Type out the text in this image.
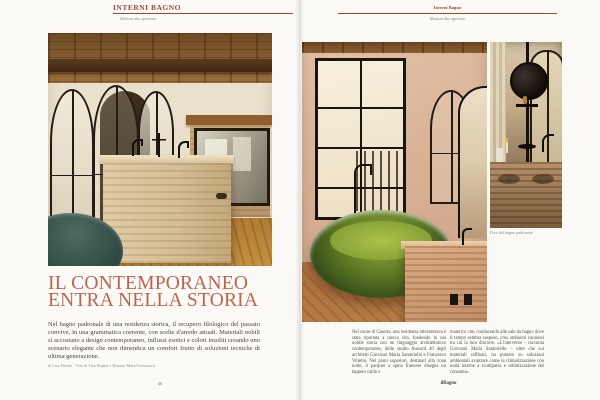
INTERNI BAGNO
Maison des aperture
Interni Bagno
Maison des aperture
IL CONTEMPORANEO
ENTRA NELLA STORIA
Nel bagno padronale di una residenza storica, il recupero filologico del passato convive, in una grammatica coerente, con scelte d'arredo attuali. Materiali nobili si accostano a design contemporaneo, influssi esotici e colori insoliti creando uno scenario elegante che non dimentica un comfort frutto di soluzioni tecniche di ultima generazione.
di Lisa Pineda · Foto di Tato Buttini e Benami Mara/Gentastock
46
Foto del bagno padronale
Nel cuore di Caserta, una residenza ottocentesca è stata riportata a nuova vita, fondendo la sua nobile storia con un linguaggio architettonico contemporaneo, dello studio Auward 40 degli architetti Giovanni Maria Santoriello e Francesco Vitiello. Nei piani superiori, destinati alla zona notte, il parquet a spina francese disegna un tappeto caldo e
materico che, conducendo alle sale da bagno dove il tempo sembra sospeso, crea ambienti connessi tra cui la luce discorre. «L'intervento – racconta Giovanni Maria Santoriello – oltre che sui materiali raffinati, ha puntato su soluzioni ambientali avanzate come la climatizzazione con unità interne a scomparsa e ottimizzazione dei consumi».
ilBagno
